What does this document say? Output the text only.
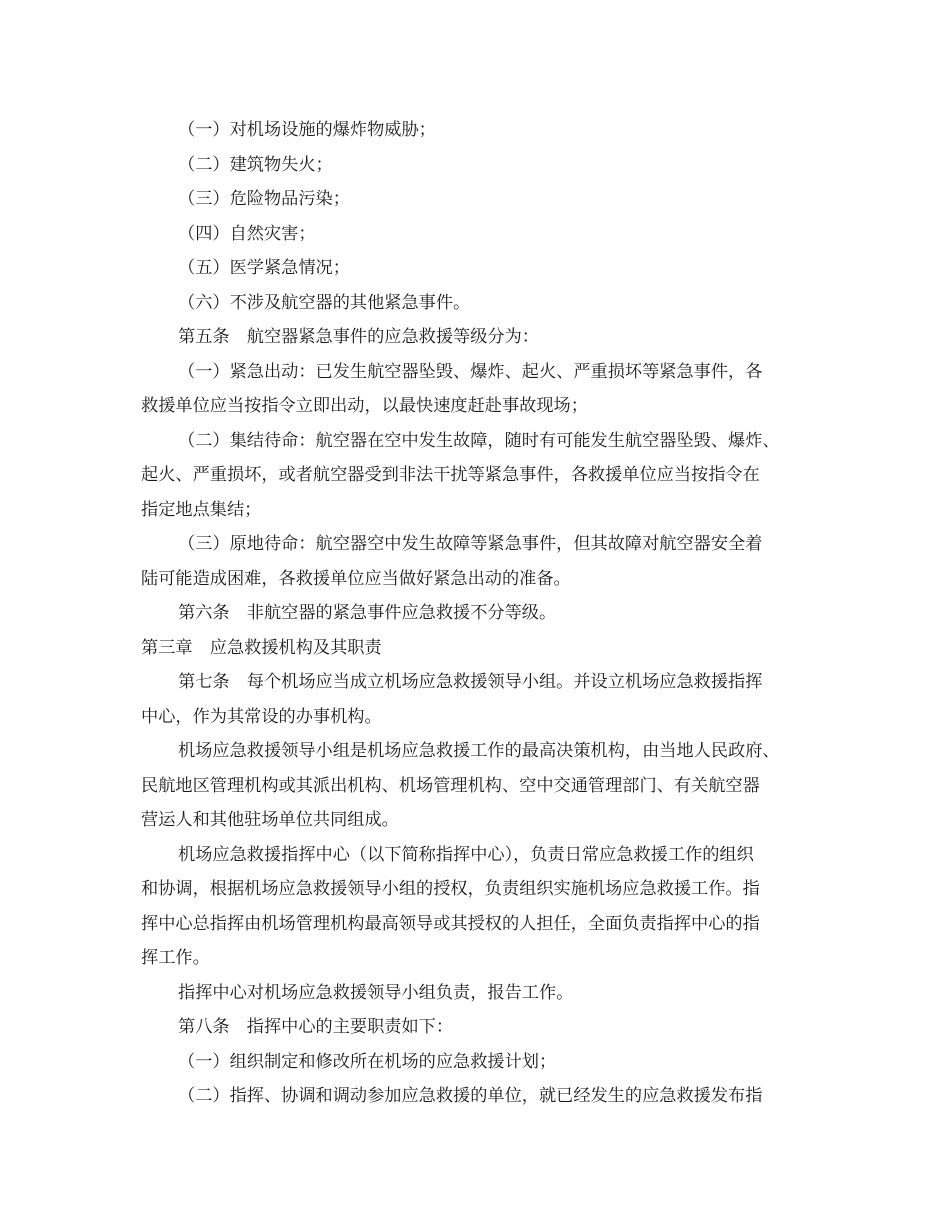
（一）对机场设施的爆炸物威胁；
（二）建筑物失火；
（三）危险物品污染；
（四）自然灾害；
（五）医学紧急情况；
（六）不涉及航空器的其他紧急事件。
第五条　航空器紧急事件的应急救援等级分为：
（一）紧急出动：已发生航空器坠毁、爆炸、起火、严重损坏等紧急事件，各
救援单位应当按指令立即出动，以最快速度赶赴事故现场；
（二）集结待命：航空器在空中发生故障，随时有可能发生航空器坠毁、爆炸、
起火、严重损坏，或者航空器受到非法干扰等紧急事件，各救援单位应当按指令在
指定地点集结；
（三）原地待命：航空器空中发生故障等紧急事件，但其故障对航空器安全着
陆可能造成困难，各救援单位应当做好紧急出动的准备。
第六条　非航空器的紧急事件应急救援不分等级。
第三章　应急救援机构及其职责
第七条　每个机场应当成立机场应急救援领导小组。并设立机场应急救援指挥
中心，作为其常设的办事机构。
机场应急救援领导小组是机场应急救援工作的最高决策机构，由当地人民政府、
民航地区管理机构或其派出机构、机场管理机构、空中交通管理部门、有关航空器
营运人和其他驻场单位共同组成。
机场应急救援指挥中心（以下简称指挥中心），负责日常应急救援工作的组织
和协调，根据机场应急救援领导小组的授权，负责组织实施机场应急救援工作。指
挥中心总指挥由机场管理机构最高领导或其授权的人担任，全面负责指挥中心的指
挥工作。
指挥中心对机场应急救援领导小组负责，报告工作。
第八条　指挥中心的主要职责如下：
（一）组织制定和修改所在机场的应急救援计划；
（二）指挥、协调和调动参加应急救援的单位，就已经发生的应急救援发布指
